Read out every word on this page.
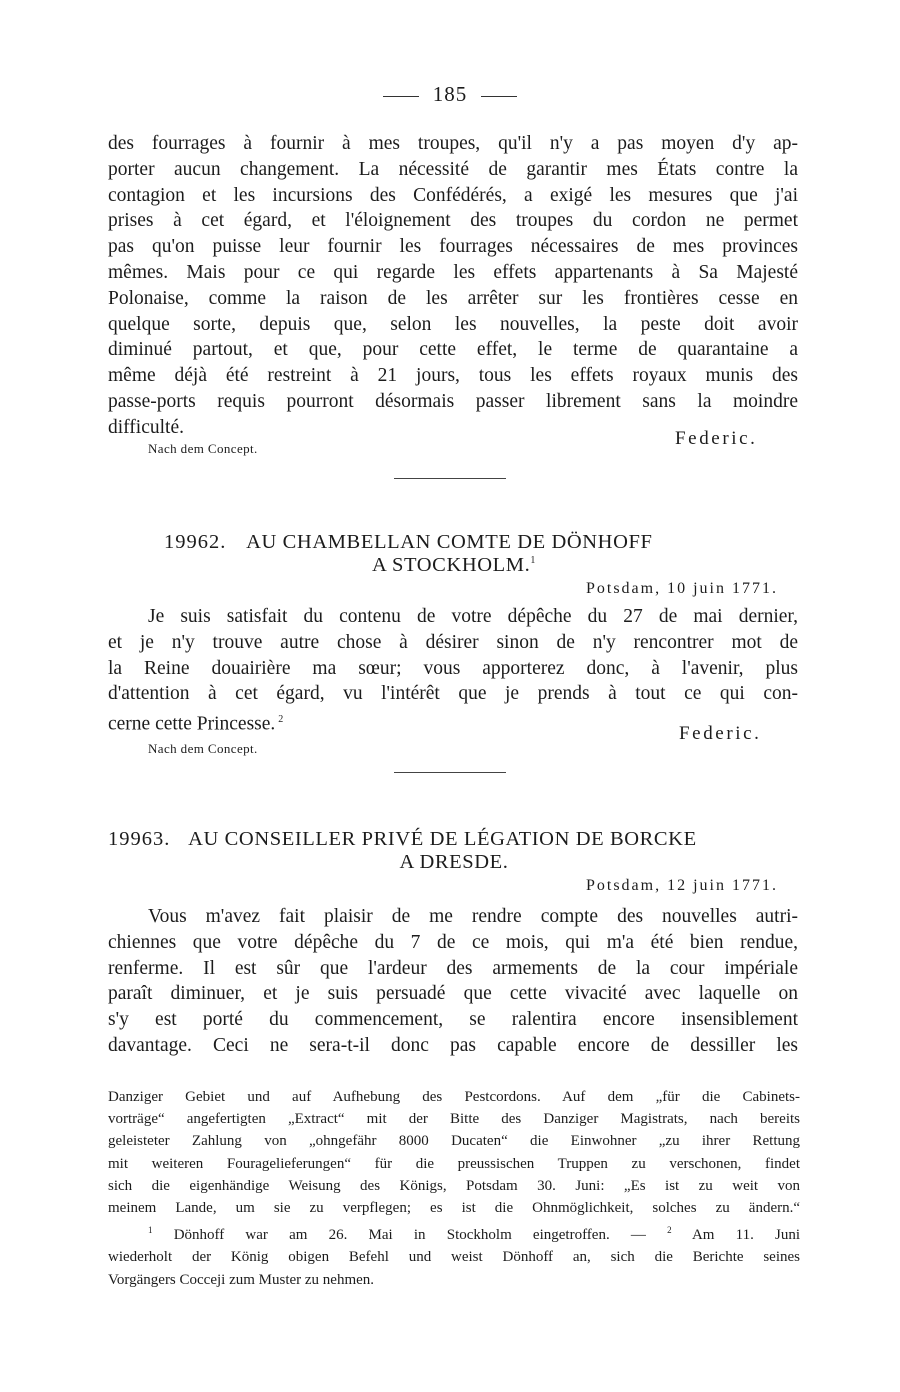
185
des fourrages à fournir à mes troupes, qu'il n'y a pas moyen d'y ap-
porter aucun changement. La nécessité de garantir mes États contre la
contagion et les incursions des Confédérés, a exigé les mesures que j'ai
prises à cet égard, et l'éloignement des troupes du cordon ne permet
pas qu'on puisse leur fournir les fourrages nécessaires de mes provinces
mêmes. Mais pour ce qui regarde les effets appartenants à Sa Majesté
Polonaise, comme la raison de les arrêter sur les frontières cesse en
quelque sorte, depuis que, selon les nouvelles, la peste doit avoir
diminué partout, et que, pour cette effet, le terme de quarantaine a
même déjà été restreint à 21 jours, tous les effets royaux munis des
passe-ports requis pourront désormais passer librement sans la moindre
difficulté.
Federic.
Nach dem Concept.
19962. AU CHAMBELLAN COMTE DE DÖNHOFF
A STOCKHOLM.$^1$
Potsdam, 10 juin 1771.
Je suis satisfait du contenu de votre dépêche du 27 de mai dernier,
et je n'y trouve autre chose à désirer sinon de n'y rencontrer mot de
la Reine douairière ma sœur; vous apporterez donc, à l'avenir, plus
d'attention à cet égard, vu l'intérêt que je prends à tout ce qui con-
cerne cette Princesse. $^2$
Federic.
Nach dem Concept.
19963. AU CONSEILLER PRIVÉ DE LÉGATION DE BORCKE
A DRESDE.
Potsdam, 12 juin 1771.
Vous m'avez fait plaisir de me rendre compte des nouvelles autri-
chiennes que votre dépêche du 7 de ce mois, qui m'a été bien rendue,
renferme. Il est sûr que l'ardeur des armements de la cour impériale
paraît diminuer, et je suis persuadé que cette vivacité avec laquelle on
s'y est porté du commencement, se ralentira encore insensiblement
davantage. Ceci ne sera-t-il donc pas capable encore de dessiller les
Danziger Gebiet und auf Aufhebung des Pestcordons. Auf dem „für die Cabinets-
vorträge“ angefertigten „Extract“ mit der Bitte des Danziger Magistrats, nach bereits
geleisteter Zahlung von „ohngefähr 8000 Ducaten“ die Einwohner „zu ihrer Rettung
mit weiteren Fouragelieferungen“ für die preussischen Truppen zu verschonen, findet
sich die eigenhändige Weisung des Königs, Potsdam 30. Juni: „Es ist zu weit von
meinem Lande, um sie zu verpflegen; es ist die Ohnmöglichkeit, solches zu ändern.“
$^1$ Dönhoff war am 26. Mai in Stockholm eingetroffen. — $^2$ Am 11. Juni
wiederholt der König obigen Befehl und weist Dönhoff an, sich die Berichte seines
Vorgängers Cocceji zum Muster zu nehmen.
